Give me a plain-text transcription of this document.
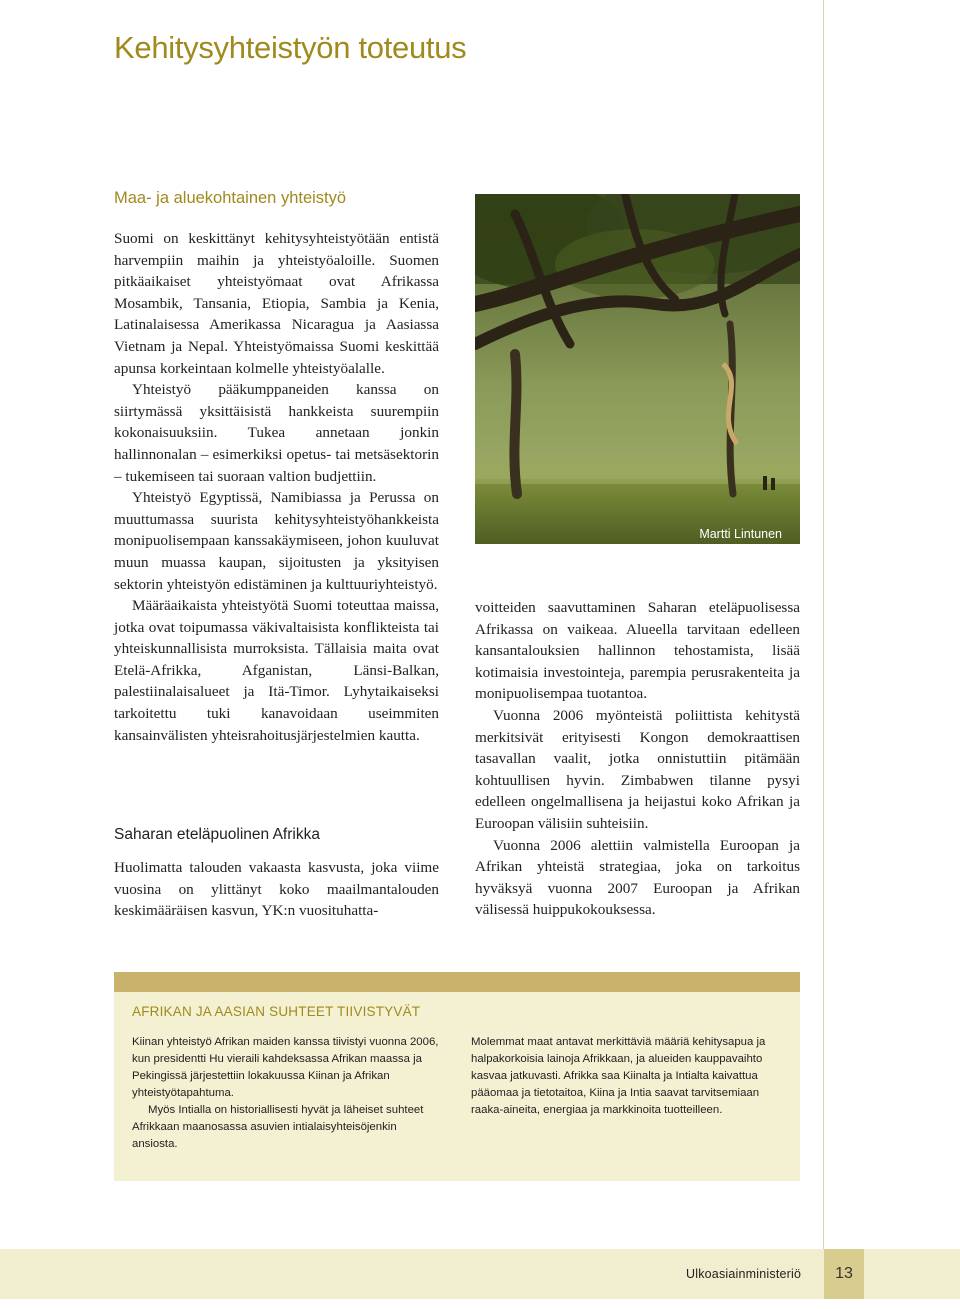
Kehitysyhteistyön toteutus
Maa- ja aluekohtainen yhteistyö

Suomi on keskittänyt kehitysyhteistyötään entistä harvempiin maihin ja yhteistyöaloille. Suomen pitkäaikaiset yhteistyömaat ovat Afrikassa Mosambik, Tansania, Etiopia, Sambia ja Kenia, Latinalaisessa Amerikassa Nicaragua ja Aasiassa Vietnam ja Nepal. Yhteistyömaissa Suomi keskittää apunsa korkeintaan kolmelle yhteistyöalalle.

Yhteistyö pääkumppaneiden kanssa on siirtymässä yksittäisistä hankkeista suurempiin kokonaisuuksiin. Tukea annetaan jonkin hallinnonalan – esimerkiksi opetus- tai metsäsektorin – tukemiseen tai suoraan valtion budjettiin.

Yhteistyö Egyptissä, Namibiassa ja Perussa on muuttumassa suurista kehitysyhteistyöhankkeista monipuolisempaan kanssakäymiseen, johon kuuluvat muun muassa kaupan, sijoitusten ja yksityisen sektorin yhteistyön edistäminen ja kulttuuriyhteistyö.

Määräaikaista yhteistyötä Suomi toteuttaa maissa, jotka ovat toipumassa väkivaltaisista konflikteista tai yhteiskunnallisista murroksista. Tällaisia maita ovat Etelä-Afrikka, Afganistan, Länsi-Balkan, palestiinalaisalueet ja Itä-Timor. Lyhytaikaiseksi tarkoitettu tuki kanavoidaan useimmiten kansainvälisten yhteisrahoitusjärjestelmien kautta.

Saharan eteläpuolinen Afrikka

Huolimatta talouden vakaasta kasvusta, joka viime vuosina on ylittänyt koko maailmantalouden keskimääräisen kasvun, YK:n vuosituhatta-

Martti Lintunen

voitteiden saavuttaminen Saharan eteläpuolisessa Afrikassa on vaikeaa. Alueella tarvitaan edelleen kansantalouksien hallinnon tehostamista, lisää kotimaisia investointeja, parempia perusrakenteita ja monipuolisempaa tuotantoa.

Vuonna 2006 myönteistä poliittista kehitystä merkitsivät erityisesti Kongon demokraattisen tasavallan vaalit, jotka onnistuttiin pitämään kohtuullisen hyvin. Zimbabwen tilanne pysyi edelleen ongelmallisena ja heijastui koko Afrikan ja Euroopan välisiin suhteisiin.

Vuonna 2006 alettiin valmistella Euroopan ja Afrikan yhteistä strategiaa, joka on tarkoitus hyväksyä vuonna 2007 Euroopan ja Afrikan välisessä huippukokouksessa.

AFRIKAN JA AASIAN SUHTEET TIIVISTYVÄT

Kiinan yhteistyö Afrikan maiden kanssa tiivistyi vuonna 2006, kun presidentti Hu vieraili kahdeksassa Afrikan maassa ja Pekingissä järjestettiin lokakuussa Kiinan ja Afrikan yhteistyötapahtuma.

Myös Intialla on historiallisesti hyvät ja läheiset suhteet Afrikkaan maanosassa asuvien intialaisyhteisöjenkin ansiosta.

Molemmat maat antavat merkittäviä määriä kehitysapua ja halpakorkoisia lainoja Afrikkaan, ja alueiden kauppavaihto kasvaa jatkuvasti. Afrikka saa Kiinalta ja Intialta kaivattua pääomaa ja tietotaitoa, Kiina ja Intia saavat tarvitsemiaan raaka-aineita, energiaa ja markkinoita tuotteilleen.

Ulkoasiainministeriö	13
